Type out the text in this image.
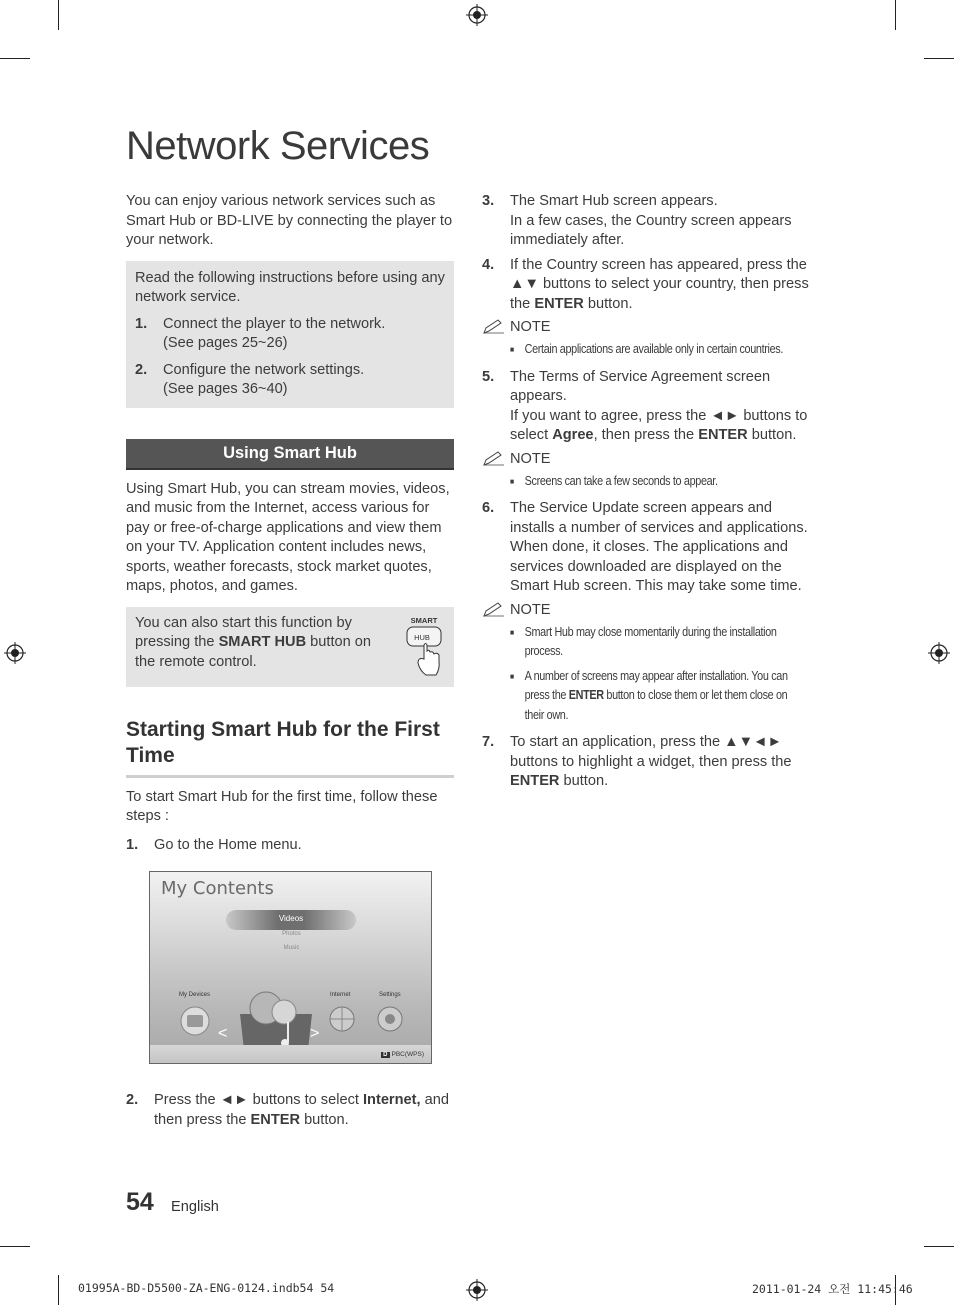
Network Services

You can enjoy various network services such as Smart Hub or BD-LIVE by connecting the player to your network.

Read the following instructions before using any network service.

1.	Connect the player to the network.
(See pages 25~26)
2.	Configure the network settings.
(See pages 36~40)
Using Smart Hub

Using Smart Hub, you can stream movies, videos, and music from the Internet, access various for pay or free-of-charge applications and view them on your TV. Application content includes news, sports, weather forecasts, stock market quotes, maps, photos, and games.

You can also start this function by pressing the SMART HUB button on the remote control.

SMART
HUB
Starting Smart Hub for the First Time

To start Smart Hub for the first time, follow these steps :

1.	Go to the Home menu.
My Contents
Videos
Photos
Music
My Devices	Internet	Settings
<	>
D PBC(WPS)
2.	Press the ◄► buttons to select Internet, and then press the ENTER button.
3.	The Smart Hub screen appears.
In a few cases, the Country screen appears immediately after.
4.	If the Country screen has appeared, press the ▲▼ buttons to select your country, then press the ENTER button.
NOTE
■ Certain applications are available only in certain countries.
5.	The Terms of Service Agreement screen appears.
If you want to agree, press the ◄► buttons to select Agree, then press the ENTER button.
NOTE
■ Screens can take a few seconds to appear.
6.	The Service Update screen appears and installs a number of services and applications. When done, it closes. The applications and services downloaded are displayed on the Smart Hub screen. This may take some time.
NOTE
■ Smart Hub may close momentarily during the installation process.
■ A number of screens may appear after installation. You can press the ENTER button to close them or let them close on their own.
7.	To start an application, press the ▲▼◄► buttons to highlight a widget, then press the ENTER button.
54 English
01995A-BD-D5500-ZA-ENG-0124.indb54 54	2011-01-24 오전 11:45:46
